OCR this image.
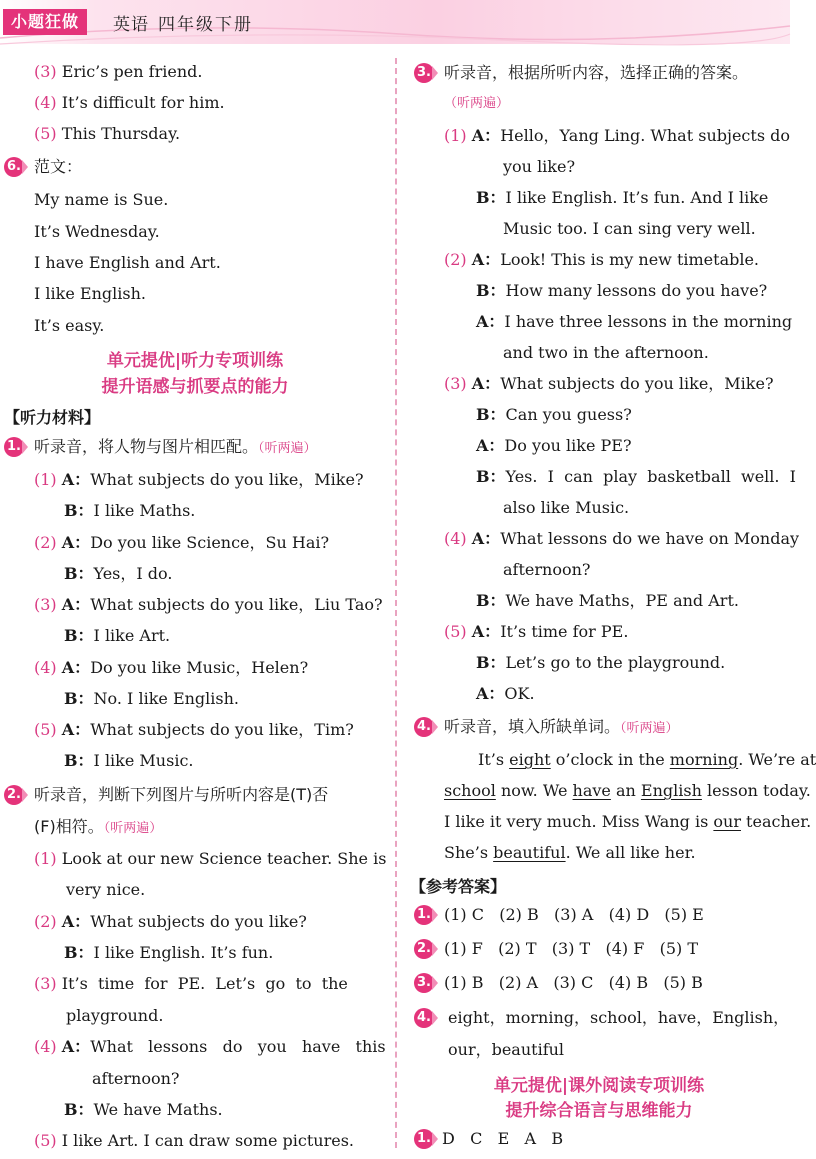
小题狂做	英语 四年级下册
(3) Eric’s pen friend.
(4) It’s difficult for him.
(5) This Thursday.
6. 范文：
My name is Sue.
It’s Wednesday.
I have English and Art.
I like English.
It’s easy.
单元提优|听力专项训练
提升语感与抓要点的能力
【听力材料】
1. 听录音，将人物与图片相匹配。（听两遍）
(1) A：What subjects do you like，Mike?
B：I like Maths.
(2) A：Do you like Science，Su Hai?
B：Yes，I do.
(3) A：What subjects do you like，Liu Tao?
B：I like Art.
(4) A：Do you like Music，Helen?
B：No. I like English.
(5) A：What subjects do you like，Tim?
B：I like Music.
2. 听录音，判断下列图片与所听内容是(T)否
(F)相符。（听两遍）
(1) Look at our new Science teacher. She is
very nice.
(2) A：What subjects do you like?
B：I like English. It’s fun.
(3) It’s  time  for  PE.  Let’s  go  to  the
playground.
(4) A：What   lessons   do   you   have   this
afternoon?
B：We have Maths.
(5) I like Art. I can draw some pictures.
3. 听录音，根据所听内容，选择正确的答案。
（听两遍）
(1) A：Hello，Yang Ling. What subjects do
you like?
B：I like English. It’s fun. And I like
Music too. I can sing very well.
(2) A：Look! This is my new timetable.
B：How many lessons do you have?
A：I have three lessons in the morning
and two in the afternoon.
(3) A：What subjects do you like，Mike?
B：Can you guess?
A：Do you like PE?
B：Yes.  I  can  play  basketball  well.  I
also like Music.
(4) A：What lessons do we have on Monday
afternoon?
B：We have Maths，PE and Art.
(5) A：It’s time for PE.
B：Let’s go to the playground.
A：OK.
4. 听录音，填入所缺单词。（听两遍）
It’s eight o’clock in the morning. We’re at
school now. We have an English lesson today.
I like it very much. Miss Wang is our teacher.
She’s beautiful. We all like her.
【参考答案】
1. (1) C   (2) B   (3) A   (4) D   (5) E
2. (1) F   (2) T   (3) T   (4) F   (5) T
3. (1) B   (2) A   (3) C   (4) B   (5) B
4. eight，morning，school，have，English，
our，beautiful
单元提优|课外阅读专项训练
提升综合语言与思维能力
1. D   C   E   A   B
